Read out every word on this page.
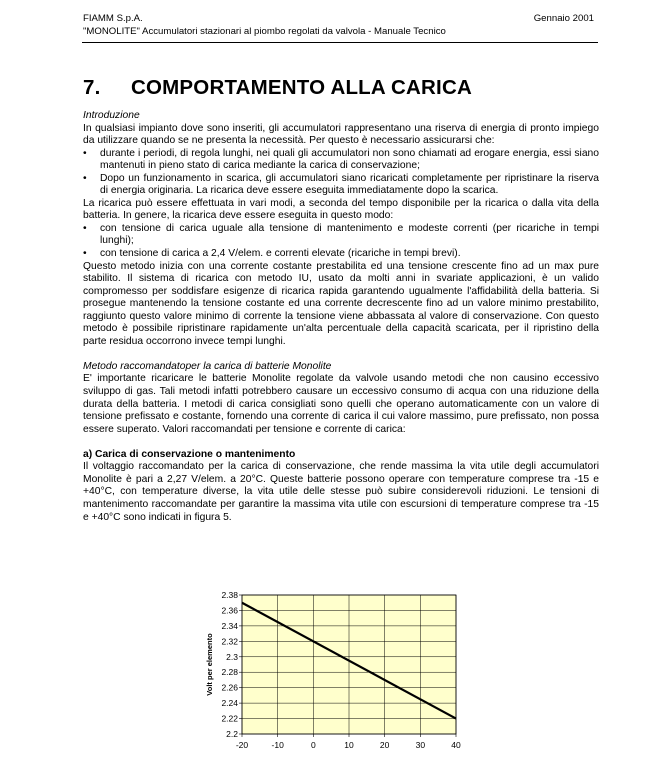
FIAMM S.p.A.
"MONOLITE" Accumulatori stazionari al piombo regolati da valvola - Manuale Tecnico
Gennaio 2001
7. COMPORTAMENTO ALLA CARICA

Introduzione

In qualsiasi impianto dove sono inseriti, gli accumulatori rappresentano una riserva di energia di pronto impiego da utilizzare quando se ne presenta la necessità. Per questo è necessario assicurarsi che:

• durante i periodi, di regola lunghi, nei quali gli accumulatori non sono chiamati ad erogare energia, essi siano mantenuti in pieno stato di carica mediante la carica di conservazione;

• Dopo un funzionamento in scarica, gli accumulatori siano ricaricati completamente per ripristinare la riserva di energia originaria. La ricarica deve essere eseguita immediatamente dopo la scarica.

La ricarica può essere effettuata in vari modi, a seconda del tempo disponibile per la ricarica o dalla vita della batteria. In genere, la ricarica deve essere eseguita in questo modo:

• con tensione di carica uguale alla tensione di mantenimento e modeste correnti (per ricariche in tempi lunghi);

• con tensione di carica a 2,4 V/elem. e correnti elevate (ricariche in tempi brevi).

Questo metodo inizia con una corrente costante prestabilita ed una tensione crescente fino ad un max pure stabilito. Il sistema di ricarica con metodo IU, usato da molti anni in svariate applicazioni, è un valido compromesso per soddisfare esigenze di ricarica rapida garantendo ugualmente l'affidabilità della batteria. Si prosegue mantenendo la tensione costante ed una corrente decrescente fino ad un valore minimo prestabilito, raggiunto questo valore minimo di corrente la tensione viene abbassata al valore di conservazione. Con questo metodo è possibile ripristinare rapidamente un'alta percentuale della capacità scaricata, per il ripristino della parte residua occorrono invece tempi lunghi.

Metodo raccomandatoper la carica di batterie Monolite

E' importante ricaricare le batterie Monolite regolate da valvole usando metodi che non causino eccessivo sviluppo di gas. Tali metodi infatti potrebbero causare un eccessivo consumo di acqua con una riduzione della durata della batteria. I metodi di carica consigliati sono quelli che operano automaticamente con un valore di tensione prefissato e costante, fornendo una corrente di carica il cui valore massimo, pure prefissato, non possa essere superato. Valori raccomandati per tensione e corrente di carica:

a) Carica di conservazione o mantenimento

Il voltaggio raccomandato per la carica di conservazione, che rende massima la vita utile degli accumulatori Monolite è pari a 2,27 V/elem. a 20°C. Queste batterie possono operare con temperature comprese tra -15 e +40°C, con temperature diverse, la vita utile delle stesse può subire considerevoli riduzioni. Le tensioni di mantenimento raccomandate per garantire la massima vita utile con escursioni di temperature comprese tra -15 e +40°C sono indicati in figura 5.

2.38
2.36
2.34
2.32
2.3
2.28
2.26
2.24
2.22
2.2
-20	-10	0	10	20	30	40
Volt per elemento
